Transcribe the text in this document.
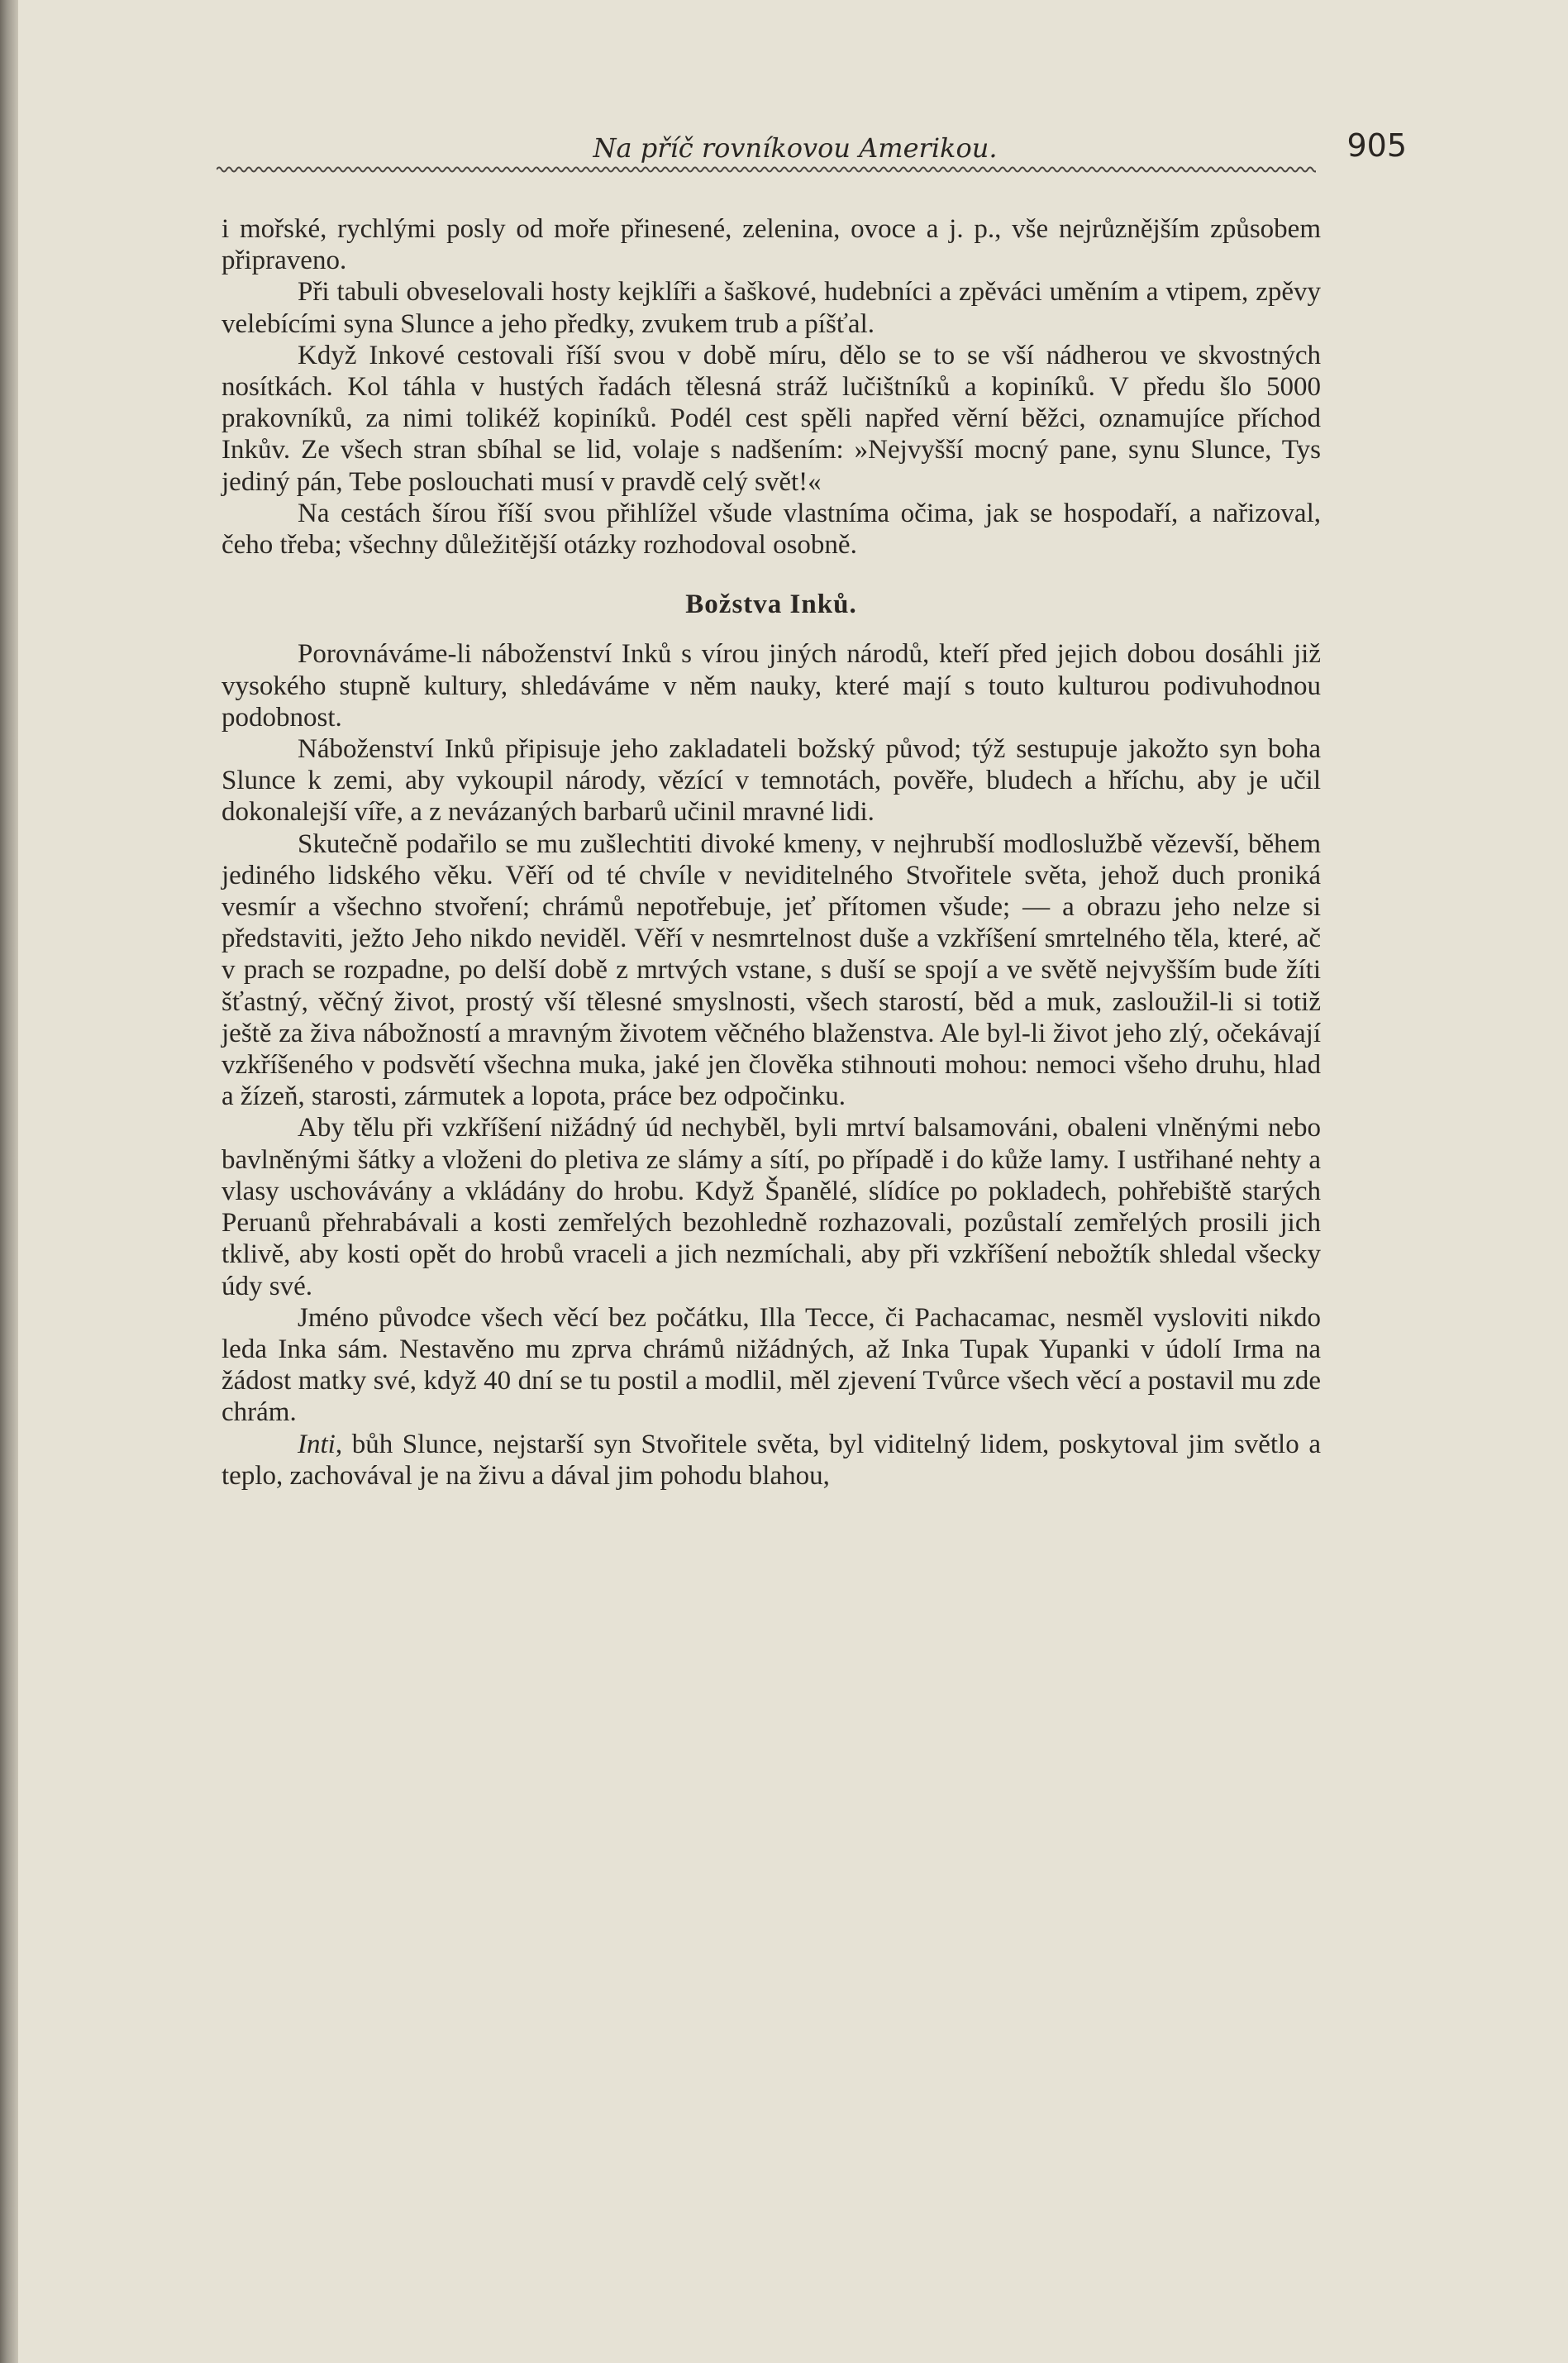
Na příč rovníkovou Amerikou.	905

i mořské, rychlými posly od moře přinesené, zelenina, ovoce a j. p., vše nejrůznějším způsobem připraveno.

Při tabuli obveselovali hosty kejklíři a šaškové, hudebníci a zpěváci uměním a vtipem, zpěvy velebícími syna Slunce a jeho předky, zvukem trub a píšťal.

Když Inkové cestovali říší svou v době míru, dělo se to se vší nádherou ve skvostných nosítkách. Kol táhla v hustých řadách tělesná stráž lučištníků a kopiníků. V předu šlo 5000 prakovníků, za nimi tolikéž kopiníků. Podél cest spěli napřed věrní běžci, oznamujíce příchod Inkův. Ze všech stran sbíhal se lid, volaje s nadšením: »Nejvyšší mocný pane, synu Slunce, Tys jediný pán, Tebe poslouchati musí v pravdě celý svět!«

Na cestách šírou říší svou přihlížel všude vlastníma očima, jak se hospodaří, a nařizoval, čeho třeba; všechny důležitější otázky rozhodoval osobně.

Božstva Inků.

Porovnáváme-li náboženství Inků s vírou jiných národů, kteří před jejich dobou dosáhli již vysokého stupně kultury, shledáváme v něm nauky, které mají s touto kulturou podivuhodnou podobnost.

Náboženství Inků připisuje jeho zakladateli božský původ; týž sestupuje jakožto syn boha Slunce k zemi, aby vykoupil národy, vězící v temnotách, pověře, bludech a hříchu, aby je učil dokonalejší víře, a z nevázaných barbarů učinil mravné lidi.

Skutečně podařilo se mu zušlechtiti divoké kmeny, v nejhrubší modloslužbě vězevší, během jediného lidského věku. Věří od té chvíle v neviditelného Stvořitele světa, jehož duch proniká vesmír a všechno stvoření; chrámů nepotřebuje, jeť přítomen všude; — a obrazu jeho nelze si představiti, ježto Jeho nikdo neviděl. Věří v nesmrtelnost duše a vzkříšení smrtelného těla, které, ač v prach se rozpadne, po delší době z mrtvých vstane, s duší se spojí a ve světě nejvyšším bude žíti šťastný, věčný život, prostý vší tělesné smyslnosti, všech starostí, běd a muk, zasloužil-li si totiž ještě za živa nábožností a mravným životem věčného blaženstva. Ale byl-li život jeho zlý, očekávají vzkříšeného v podsvětí všechna muka, jaké jen člověka stihnouti mohou: nemoci všeho druhu, hlad a žízeň, starosti, zármutek a lopota, práce bez odpočinku.

Aby tělu při vzkříšení nižádný úd nechyběl, byli mrtví balsamováni, obaleni vlněnými nebo bavlněnými šátky a vloženi do pletiva ze slámy a sítí, po případě i do kůže lamy. I ustřihané nehty a vlasy uschovávány a vkládány do hrobu. Když Španělé, slídíce po pokladech, pohřebiště starých Peruanů přehrabávali a kosti zemřelých bezohledně rozhazovali, pozůstalí zemřelých prosili jich tklivě, aby kosti opět do hrobů vraceli a jich nezmíchali, aby při vzkříšení nebožtík shledal všecky údy své.

Jméno původce všech věcí bez počátku, Illa Tecce, či Pachacamac, nesměl vysloviti nikdo leda Inka sám. Nestavěno mu zprva chrámů nižádných, až Inka Tupak Yupanki v údolí Irma na žádost matky své, když 40 dní se tu postil a modlil, měl zjevení Tvůrce všech věcí a postavil mu zde chrám.

Inti, bůh Slunce, nejstarší syn Stvořitele světa, byl viditelný lidem, poskytoval jim světlo a teplo, zachovával je na živu a dával jim pohodu blahou,
